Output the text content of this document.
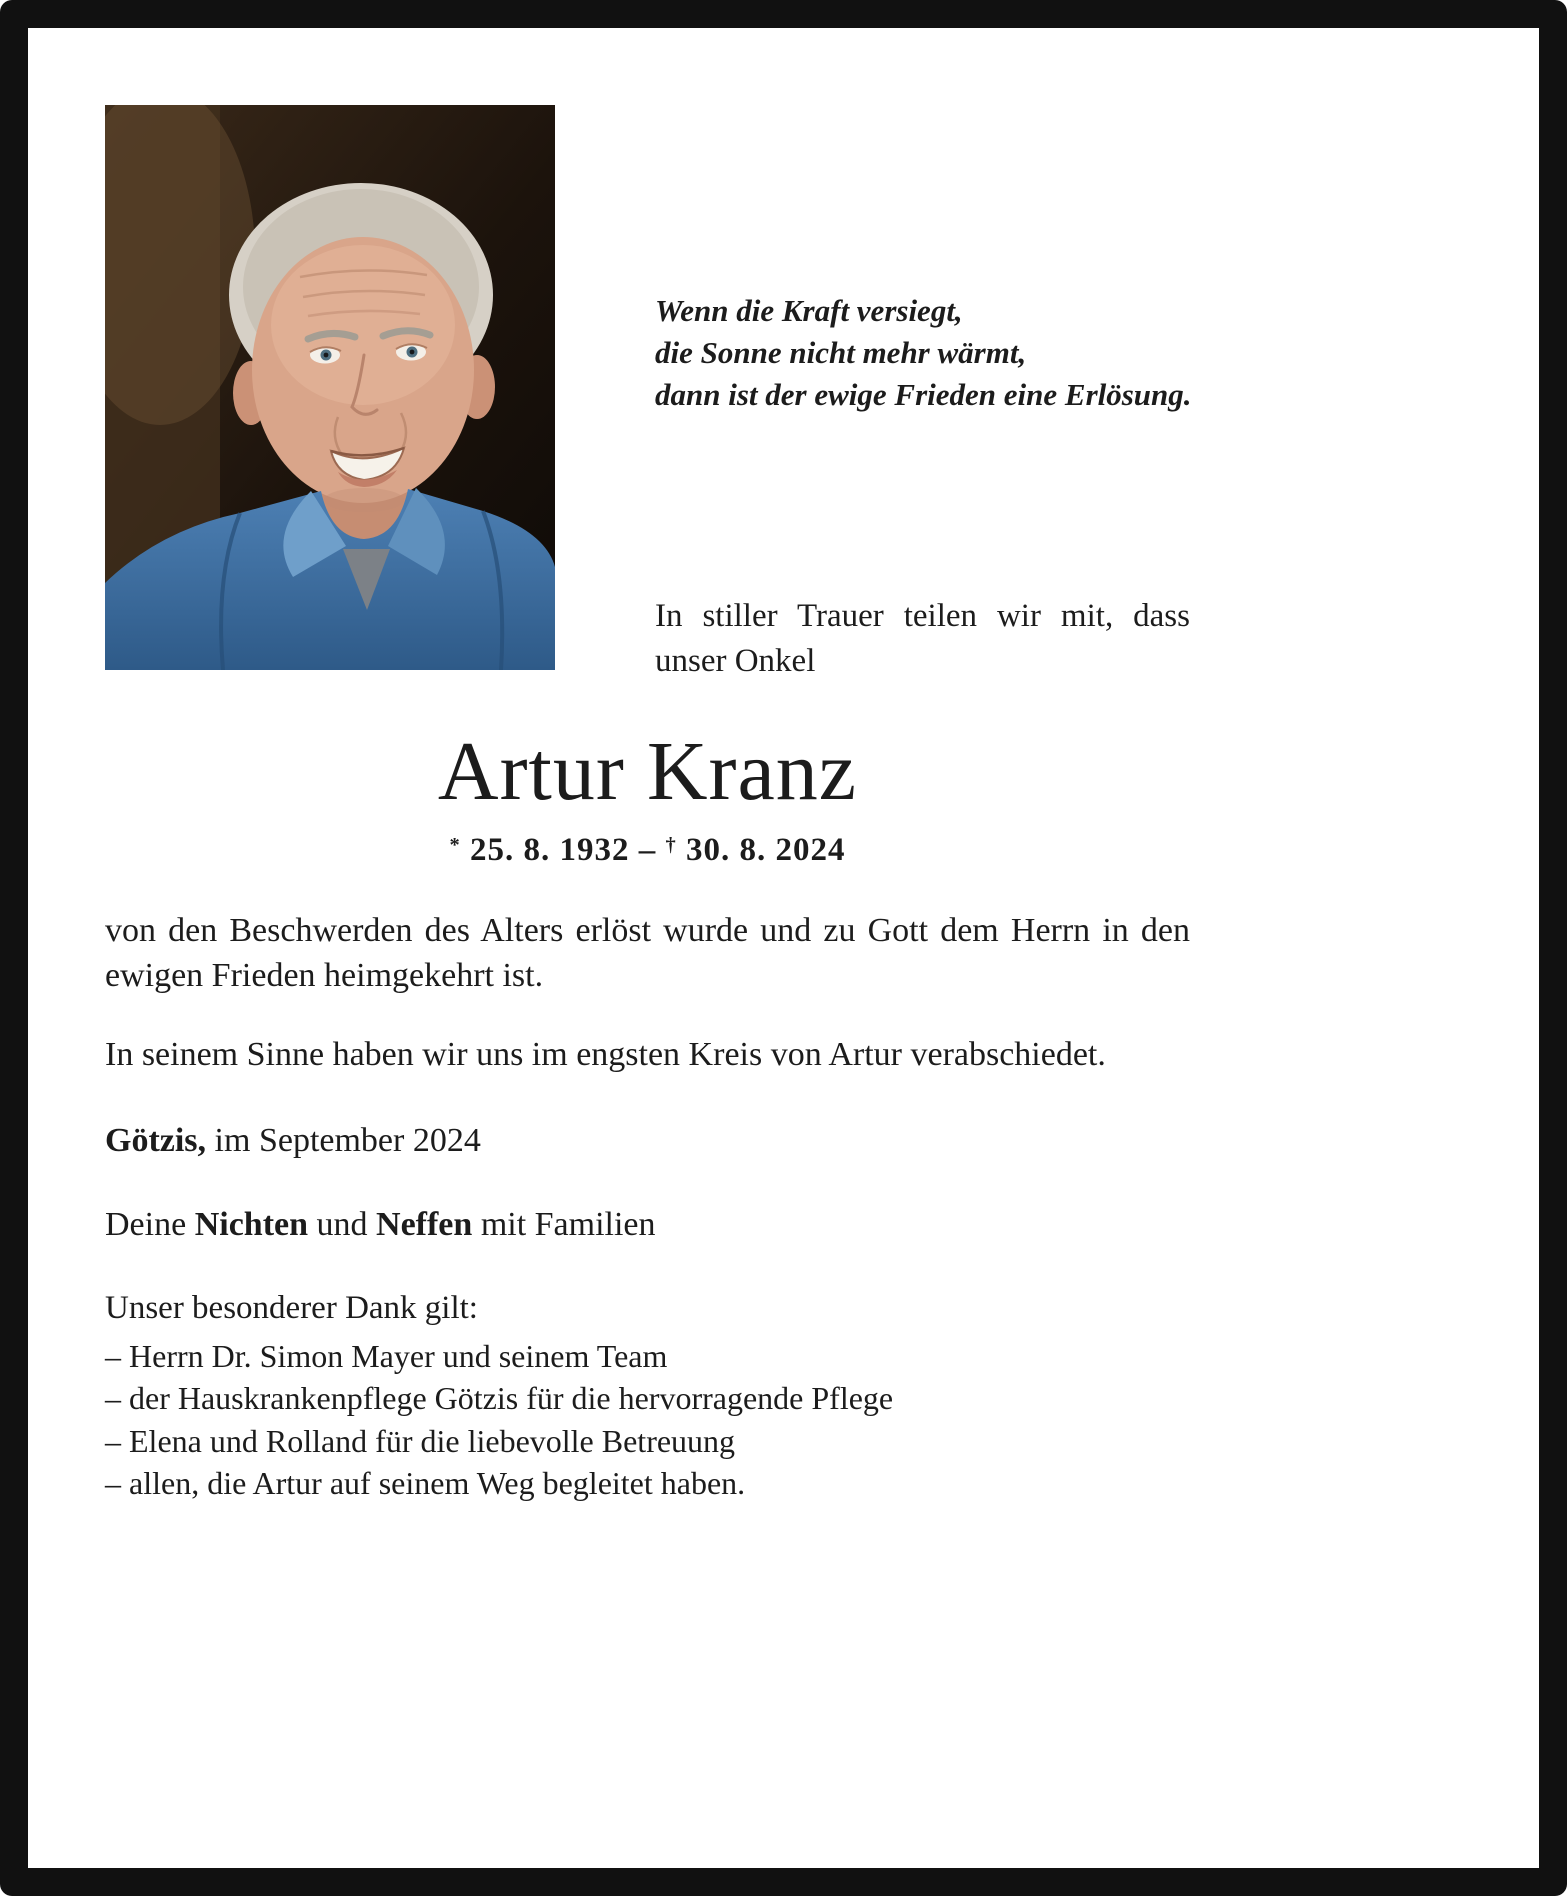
Wenn die Kraft versiegt,
die Sonne nicht mehr wärmt,
dann ist der ewige Frieden eine Erlösung.
In stiller Trauer teilen wir mit, dass
unser Onkel
Artur Kranz
* 25. 8. 1932 – † 30. 8. 2024

von den Beschwerden des Alters erlöst wurde und zu Gott dem Herrn in den ewigen Frieden heimgekehrt ist.

In seinem Sinne haben wir uns im engsten Kreis von Artur verabschiedet.

Götzis, im September 2024
Deine Nichten und Neffen mit Familien
Unser besonderer Dank gilt:
– Herrn Dr. Simon Mayer und seinem Team
– der Hauskrankenpflege Götzis für die hervorragende Pflege
– Elena und Rolland für die liebevolle Betreuung
– allen, die Artur auf seinem Weg begleitet haben.
